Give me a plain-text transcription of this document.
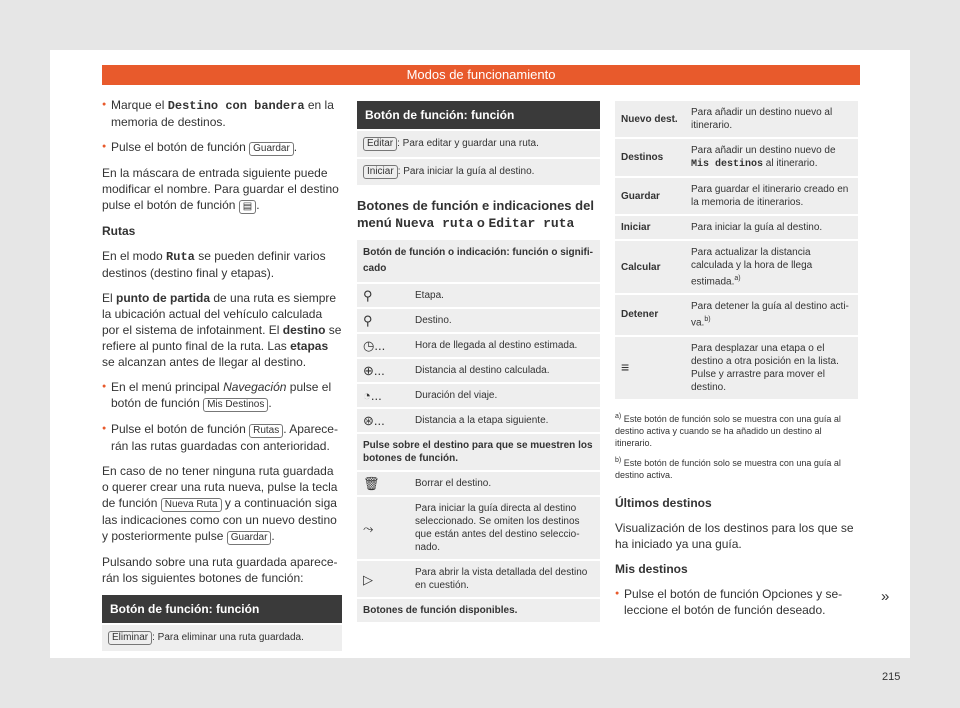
Modos de funcionamiento

● Marque el Destino con bandera en la memoria de destinos.

● Pulse el botón de función Guardar .

En la máscara de entrada siguiente puede modificar el nombre. Para guardar el destino pulse el botón de función ▤ .

Rutas

En el modo Ruta se pueden definir varios destinos (destino final y etapas).

El punto de partida de una ruta es siempre la ubicación actual del vehículo calculada por el sistema de infotainment. El destino se refiere al punto final de la ruta. Las etapas se alcanzan antes de llegar al destino.

● En el menú principal Navegación pulse el botón de función Mis Destinos .

● Pulse el botón de función Rutas . Aparecerán las rutas guardadas con anterioridad.

En caso de no tener ninguna ruta guardada o querer crear una ruta nueva, pulse la tecla de función Nueva Ruta y a continuación siga las indicaciones como con un nuevo destino y posteriormente pulse Guardar .

Pulsando sobre una ruta guardada aparecerán los siguientes botones de función:

Botón de función: función
Eliminar : Para eliminar una ruta guardada.
Botón de función: función
Editar : Para editar y guardar una ruta.
Iniciar : Para iniciar la guía al destino.
Botones de función e indicaciones del menú Nueva ruta o Editar ruta
Botón de función o indicación: función o significado
⚲	Etapa.
⚲	Destino.
◷...	Hora de llegada al destino estimada.
⊕...	Distancia al destino calculada.
◔...	Duración del viaje.
⊛...	Distancia a la etapa siguiente.
Pulse sobre el destino para que se muestren los botones de función.	
🗑	Borrar el destino.
⤳	Para iniciar la guía directa al destino seleccionado. Se omiten los destinos que están antes del destino seleccionado.
▷	Para abrir la vista detallada del destino en cuestión.
Botones de función disponibles.	
Nuevo dest.	Para añadir un destino nuevo al itinerario.
Destinos	Para añadir un destino nuevo de Mis destinos al itinerario.
Guardar	Para guardar el itinerario creado en la memoria de itinerarios.
Iniciar	Para iniciar la guía al destino.
Calcular	Para actualizar la distancia calculada y la hora de llega estimada.$^{a)}$
Detener	Para detener la guía al destino activa.$^{b)}$
≡	Para desplazar una etapa o el destino a otra posición en la lista. Pulse y arrastre para mover el destino.

$^{a)}$ Este botón de función solo se muestra con una guía al destino activa y cuando se ha añadido un destino al itinerario.

$^{b)}$ Este botón de función solo se muestra con una guía al destino activa.

Últimos destinos

Visualización de los destinos para los que se ha iniciado ya una guía.

Mis destinos

● Pulse el botón de función Opciones y seleccione el botón de función deseado.

»
215
